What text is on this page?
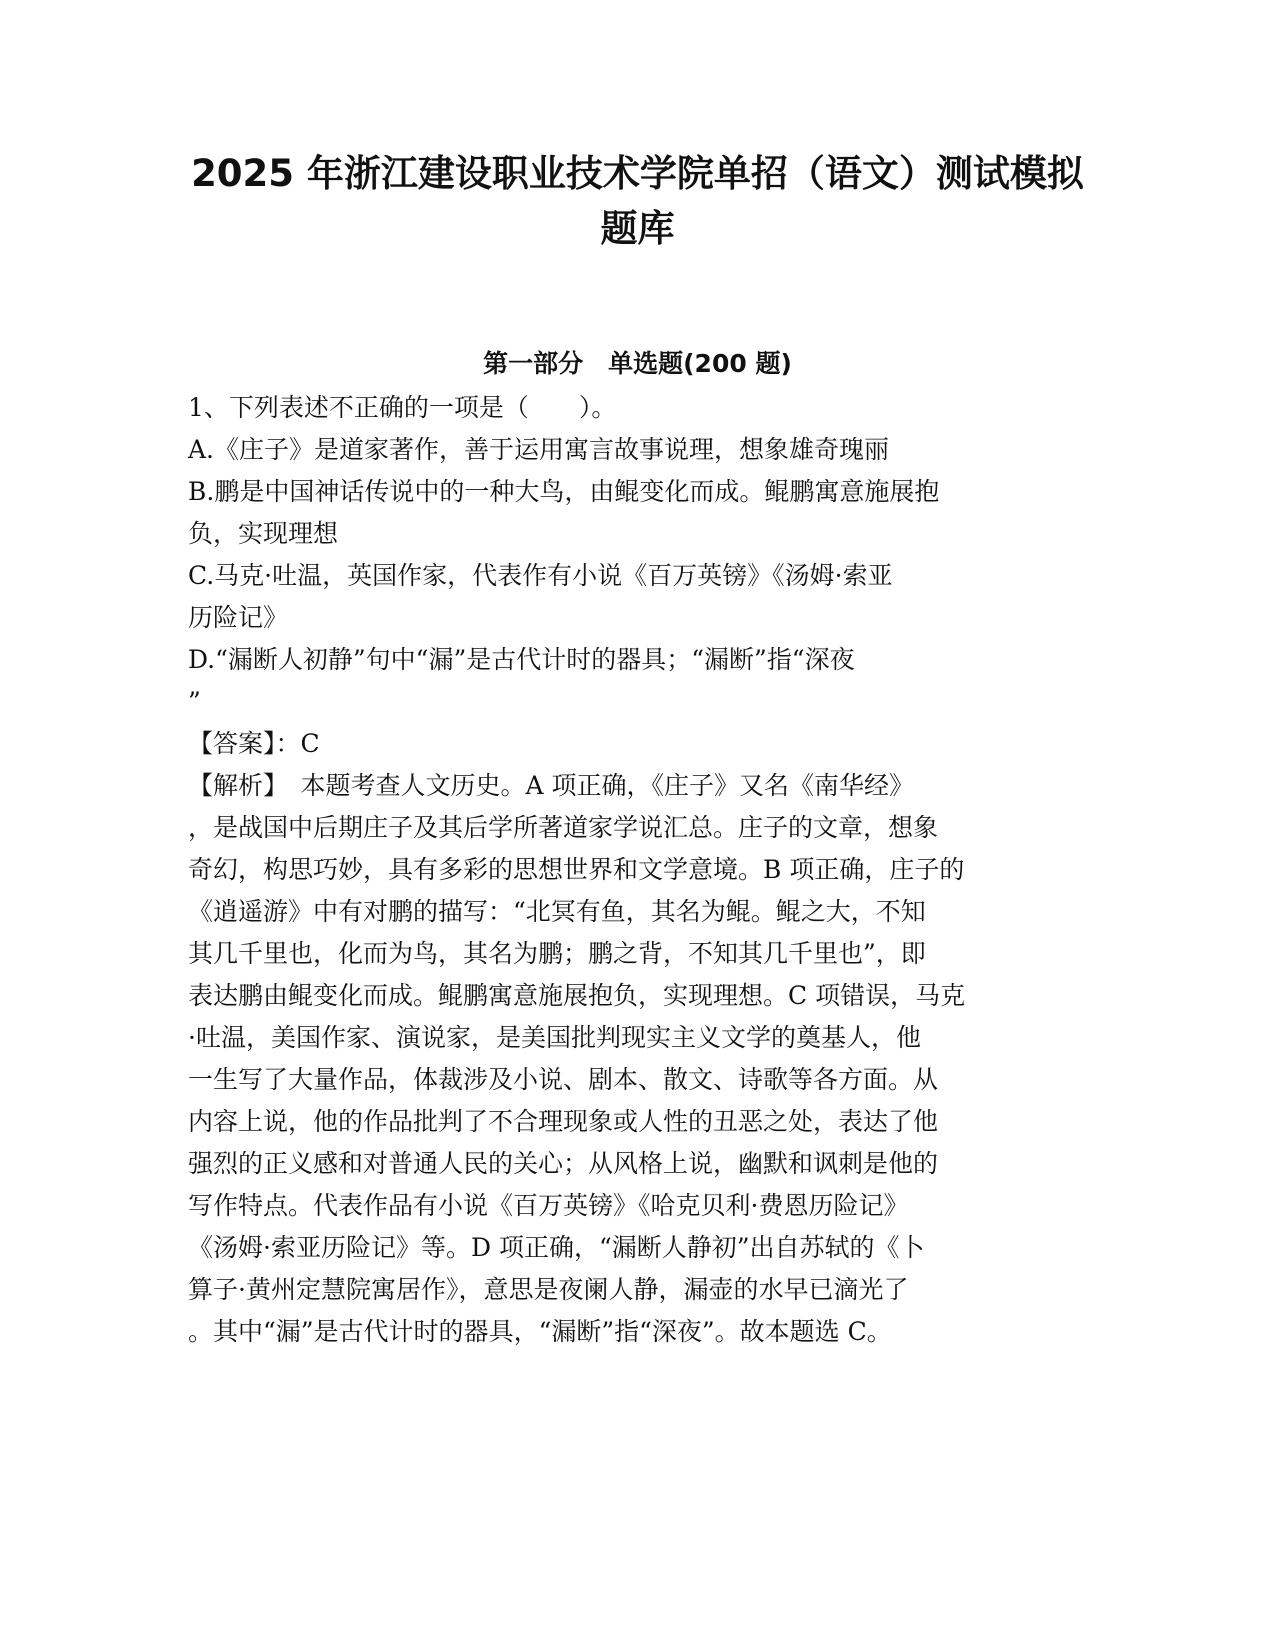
2025 年浙江建设职业技术学院单招（语文）测试模拟
题库
第一部分　单选题(200 题)

1、下列表述不正确的一项是（　　）。

A.《庄子》是道家著作，善于运用寓言故事说理，想象雄奇瑰丽

B.鹏是中国神话传说中的一种大鸟，由鲲变化而成。鲲鹏寓意施展抱

负，实现理想

C.马克·吐温，英国作家，代表作有小说《百万英镑》《汤姆·索亚

历险记》

D.“漏断人初静”句中“漏”是古代计时的器具；“漏断”指“深夜

”

【答案】：C

【解析】　本题考查人文历史。A 项正确，《庄子》又名《南华经》

，是战国中后期庄子及其后学所著道家学说汇总。庄子的文章，想象

奇幻，构思巧妙，具有多彩的思想世界和文学意境。B 项正确，庄子的

《逍遥游》中有对鹏的描写：“北冥有鱼，其名为鲲。鲲之大，不知

其几千里也，化而为鸟，其名为鹏；鹏之背，不知其几千里也”，即

表达鹏由鲲变化而成。鲲鹏寓意施展抱负，实现理想。C 项错误，马克

·吐温，美国作家、演说家，是美国批判现实主义文学的奠基人，他

一生写了大量作品，体裁涉及小说、剧本、散文、诗歌等各方面。从

内容上说，他的作品批判了不合理现象或人性的丑恶之处，表达了他

强烈的正义感和对普通人民的关心；从风格上说，幽默和讽刺是他的

写作特点。代表作品有小说《百万英镑》《哈克贝利·费恩历险记》

《汤姆·索亚历险记》等。D 项正确，“漏断人静初”出自苏轼的《卜

算子·黄州定慧院寓居作》，意思是夜阑人静，漏壶的水早已滴光了

。其中“漏”是古代计时的器具，“漏断”指“深夜”。故本题选 C。
